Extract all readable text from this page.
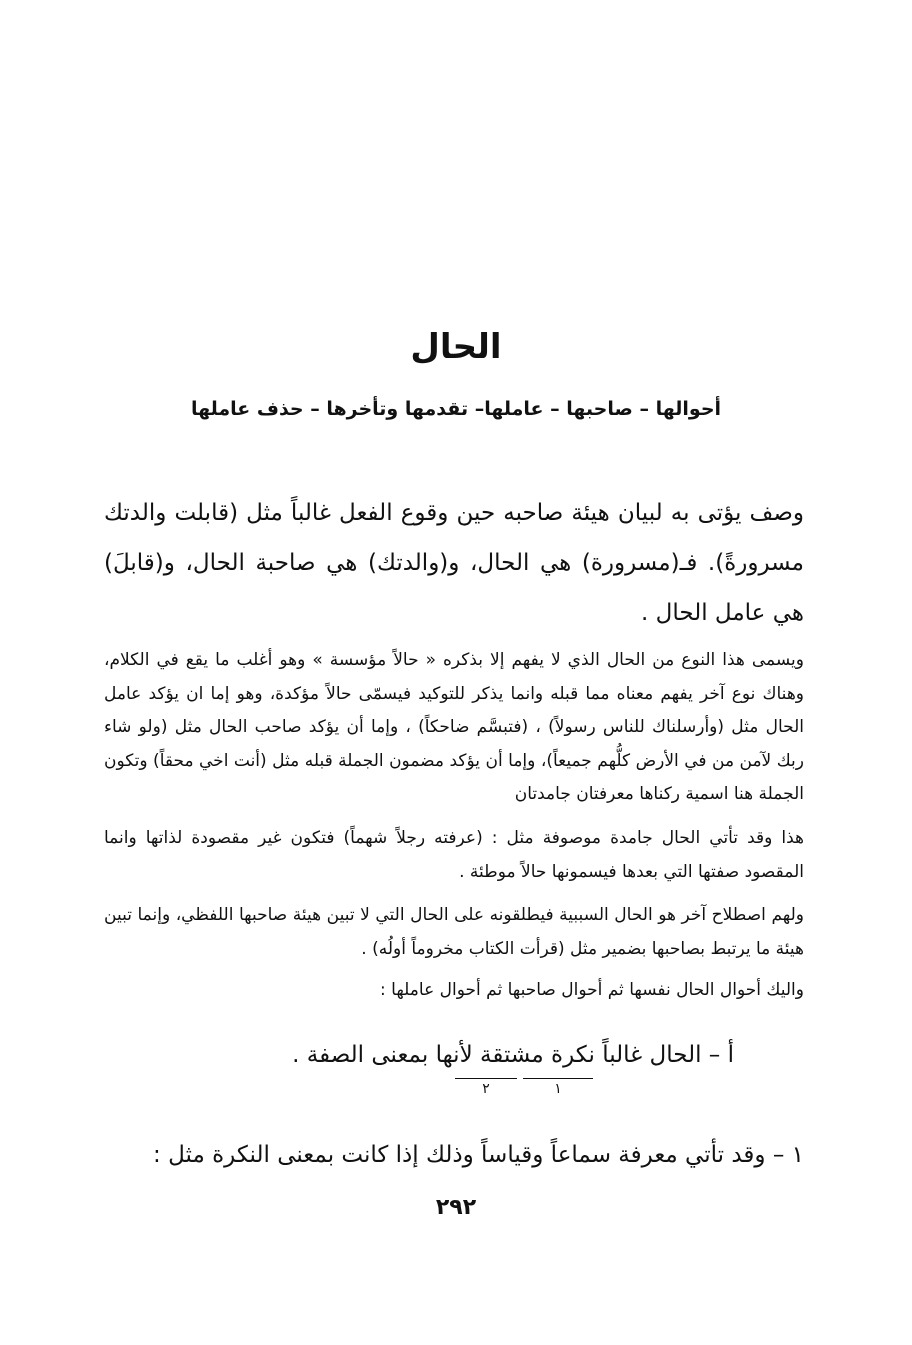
الحال

أحوالها – صاحبها – عاملها– تقدمها وتأخرها – حذف عاملها

وصف يؤتى به لبيان هيئة صاحبه حين وقوع الفعل غالباً مثل (قابلت والدتك مسرورةً). فـ(مسرورة) هي الحال، و(والدتك) هي صاحبة الحال، و(قابلَ) هي عامل الحال .

ويسمى هذا النوع من الحال الذي لا يفهم إلا بذكره « حالاً مؤسسة » وهو أغلب ما يقع في الكلام، وهناك نوع آخر يفهم معناه مما قبله وانما يذكر للتوكيد فيسمّى حالاً مؤكدة، وهو إما ان يؤكد عامل الحال مثل (وأرسلناك للناس رسولاً) ، (فتبسَّم ضاحكاً) ، وإما أن يؤكد صاحب الحال مثل (ولو شاء ربك لآمن من في الأرض كلُّهم جميعاً)، وإما أن يؤكد مضمون الجملة قبله مثل (أنت اخي محقاً) وتكون الجملة هنا اسمية ركناها معرفتان جامدتان

هذا وقد تأتي الحال جامدة موصوفة مثل : (عرفته رجلاً شهماً) فتكون غير مقصودة لذاتها وانما المقصود صفتها التي بعدها فيسمونها حالاً موطئة .

ولهم اصطلاح آخر هو الحال السببية فيطلقونه على الحال التي لا تبين هيئة صاحبها اللفظي، وإنما تبين هيئة ما يرتبط بصاحبها بضمير مثل (قرأت الكتاب مخروماً أولُه) .

واليك أحوال الحال نفسها ثم أحوال صاحبها ثم أحوال عاملها :

أ – الحال غالباً نكرة مشتقة لأنها بمعنى الصفة .

١
٢

١ – وقد تأتي معرفة سماعاً وقياساً وذلك إذا كانت بمعنى النكرة مثل :

٢٩٢
